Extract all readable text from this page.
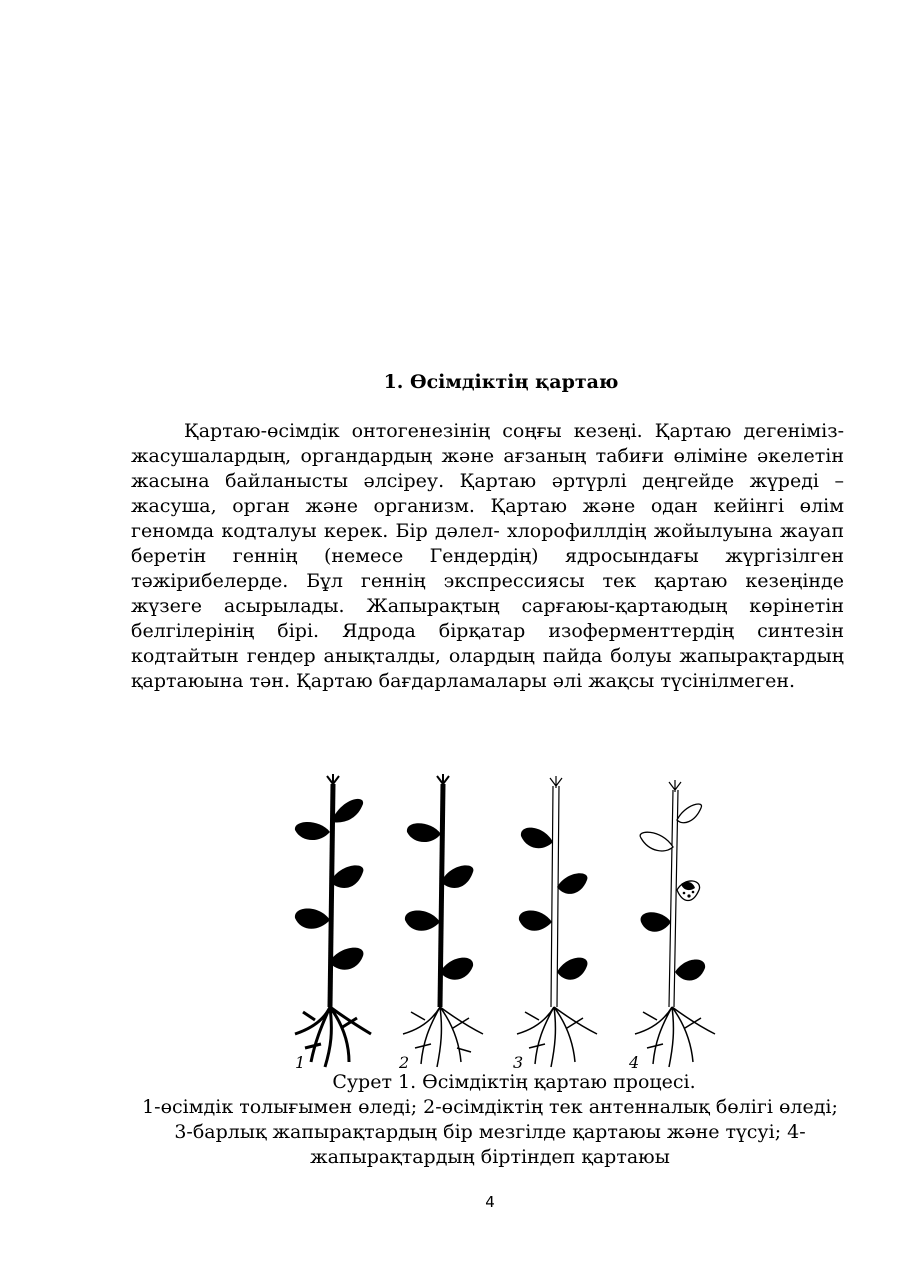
1. Өсімдіктің қартаю

Қартаю-өсімдік онтогенезінің соңғы кезеңі. Қартаю дегеніміз-жасушалардың, органдардың және ағзаның табиғи өліміне әкелетін жасына байланысты әлсіреу. Қартаю әртүрлі деңгейде жүреді – жасуша, орган және организм. Қартаю және одан кейінгі өлім геномда кодталуы керек. Бір дәлел- хлорофиллдің жойылуына жауап беретін геннің (немесе Гендердің) ядросындағы жүргізілген тәжірибелерде. Бұл геннің экспрессиясы тек қартаю кезеңінде жүзеге асырылады. Жапырақтың сарғаюы-қартаюдың көрінетін белгілерінің бірі. Ядрода бірқатар изоферменттердің синтезін кодтайтын гендер анықталды, олардың пайда болуы жапырақтардың қартаюына тән. Қартаю бағдарламалары әлі жақсы түсінілмеген.

1	2	3	4
Сурет 1. Өсімдіктің қартаю процесі.

1-өсімдік толығымен өледі; 2-өсімдіктің тек антенналық бөлігі өледі; 3-барлық жапырақтардың бір мезгілде қартаюы және түсуі; 4-жапырақтардың біртіндеп қартаюы

4
